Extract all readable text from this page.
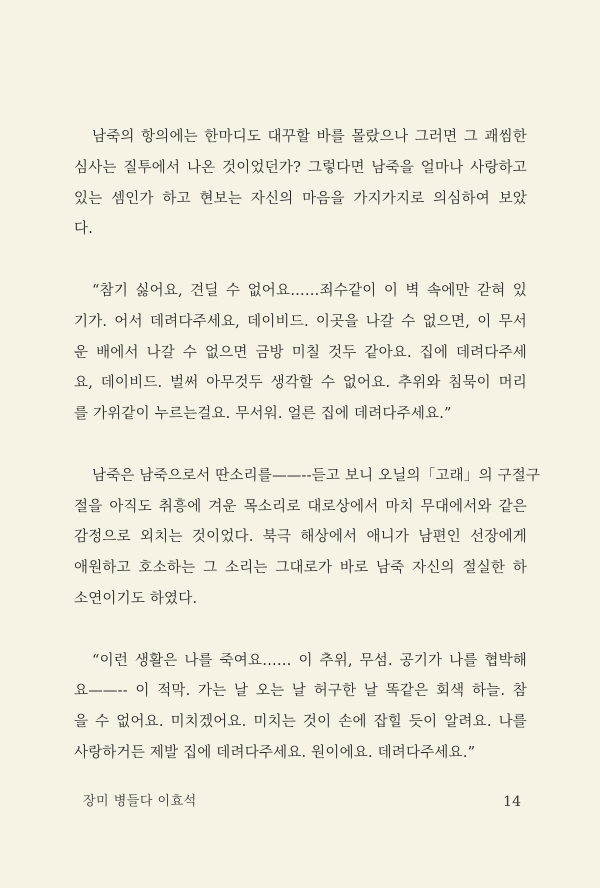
남죽의 항의에는 한마디도 대꾸할 바를 몰랐으나 그러면 그 괘씸한
심사는 질투에서 나온 것이었던가? 그렇다면 남죽을 얼마나 사랑하고
있는 셈인가 하고 현보는 자신의 마음을 가지가지로 의심하여 보았
다.
“참기 싫어요, 견딜 수 없어요……죄수같이 이 벽 속에만 갇혀 있
기가. 어서 데려다주세요, 데이비드. 이곳을 나갈 수 없으면, 이 무서
운 배에서 나갈 수 없으면 금방 미칠 것두 같아요. 집에 데려다주세
요, 데이비드. 벌써 아무것두 생각할 수 없어요. 추위와 침묵이 머리
를 가위같이 누르는걸요. 무서워. 얼른 집에 데려다주세요.”
남죽은 남죽으로서 딴소리를——--듣고 보니 오닐의「고래」의 구절구
절을 아직도 취흥에 겨운 목소리로 대로상에서 마치 무대에서와 같은
감정으로 외치는 것이었다. 북극 해상에서 애니가 남편인 선장에게
애원하고 호소하는 그 소리는 그대로가 바로 남죽 자신의 절실한 하
소연이기도 하였다.
“이런 생활은 나를 죽여요…… 이 추위, 무섬. 공기가 나를 협박해
요——-- 이 적막. 가는 날 오는 날 허구한 날 똑같은 회색 하늘. 참
을 수 없어요. 미치겠어요. 미치는 것이 손에 잡힐 듯이 알려요. 나를
사랑하거든 제발 집에 데려다주세요. 원이에요. 데려다주세요.”
장미 병들다 이효석	14
